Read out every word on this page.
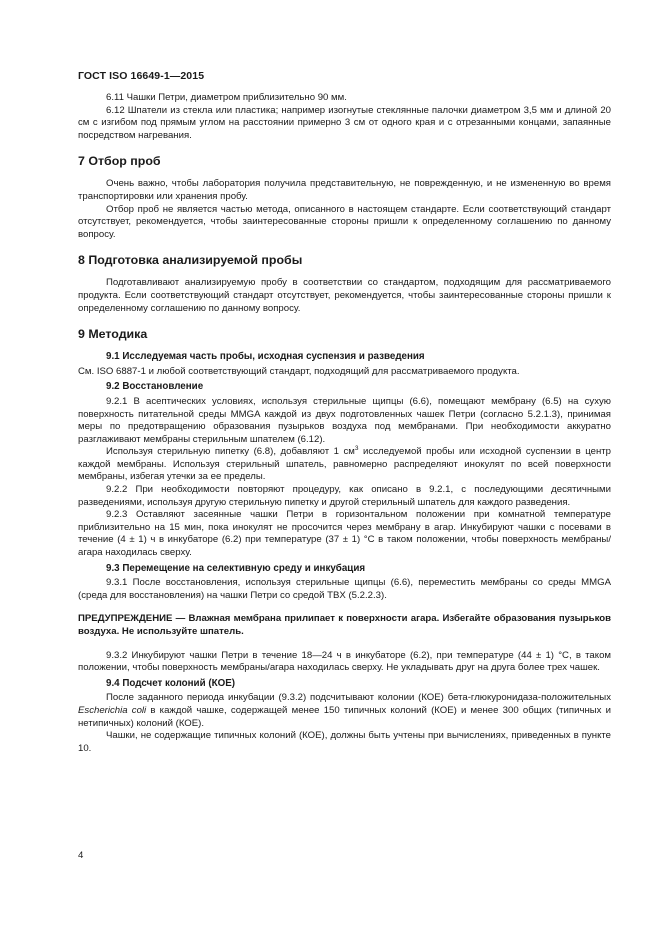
ГОСТ ISO 16649-1—2015

6.11 Чашки Петри, диаметром приблизительно 90 мм.

6.12 Шпатели из стекла или пластика; например изогнутые стеклянные палочки диаметром 3,5 мм и длиной 20 см с изгибом под прямым углом на расстоянии примерно 3 см от одного края и с отрезанными концами, запаянные посредством нагревания.

7 Отбор проб

Очень важно, чтобы лаборатория получила представительную, не поврежденную, и не измененную во время транспортировки или хранения пробу.

Отбор проб не является частью метода, описанного в настоящем стандарте. Если соответствующий стандарт отсутствует, рекомендуется, чтобы заинтересованные стороны пришли к определенному соглашению по данному вопросу.

8 Подготовка анализируемой пробы

Подготавливают анализируемую пробу в соответствии со стандартом, подходящим для рассматриваемого продукта. Если соответствующий стандарт отсутствует, рекомендуется, чтобы заинтересованные стороны пришли к определенному соглашению по данному вопросу.

9 Методика
9.1 Исследуемая часть пробы, исходная суспензия и разведения

См. ISO 6887-1 и любой соответствующий стандарт, подходящий для рассматриваемого продукта.

9.2 Восстановление

9.2.1 В асептических условиях, используя стерильные щипцы (6.6), помещают мембрану (6.5) на сухую поверхность питательной среды MMGA каждой из двух подготовленных чашек Петри (согласно 5.2.1.3), принимая меры по предотвращению образования пузырьков воздуха под мембранами. При необходимости аккуратно разглаживают мембраны стерильным шпателем (6.12).

Используя стерильную пипетку (6.8), добавляют 1 $см^3$ исследуемой пробы или исходной суспензии в центр каждой мембраны. Используя стерильный шпатель, равномерно распределяют инокулят по всей поверхности мембраны, избегая утечки за ее пределы.

9.2.2 При необходимости повторяют процедуру, как описано в 9.2.1, с последующими десятичными разведениями, используя другую стерильную пипетку и другой стерильный шпатель для каждого разведения.

9.2.3 Оставляют засеянные чашки Петри в горизонтальном положении при комнатной температуре приблизительно на 15 мин, пока инокулят не просочится через мембрану в агар. Инкубируют чашки с посевами в течение (4 ± 1) ч в инкубаторе (6.2) при температуре (37 ± 1) °С в таком положении, чтобы поверхность мембраны/агара находилась сверху.

9.3 Перемещение на селективную среду и инкубация

9.3.1 После восстановления, используя стерильные щипцы (6.6), переместить мембраны со среды MMGA (среда для восстановления) на чашки Петри со средой TBX (5.2.2.3).

ПРЕДУПРЕЖДЕНИЕ — Влажная мембрана прилипает к поверхности агара. Избегайте образования пузырьков воздуха. Не используйте шпатель.

9.3.2 Инкубируют чашки Петри в течение 18—24 ч в инкубаторе (6.2), при температуре (44 ± 1) °С, в таком положении, чтобы поверхность мембраны/агара находилась сверху. Не укладывать друг на друга более трех чашек.

9.4 Подсчет колоний (КОЕ)

После заданного периода инкубации (9.3.2) подсчитывают колонии (КОЕ) бета-глюкуронидаза-положительных Escherichia coli в каждой чашке, содержащей менее 150 типичных колоний (КОЕ) и менее 300 общих (типичных и нетипичных) колоний (КОЕ).

Чашки, не содержащие типичных колоний (КОЕ), должны быть учтены при вычислениях, приведенных в пункте 10.

4
